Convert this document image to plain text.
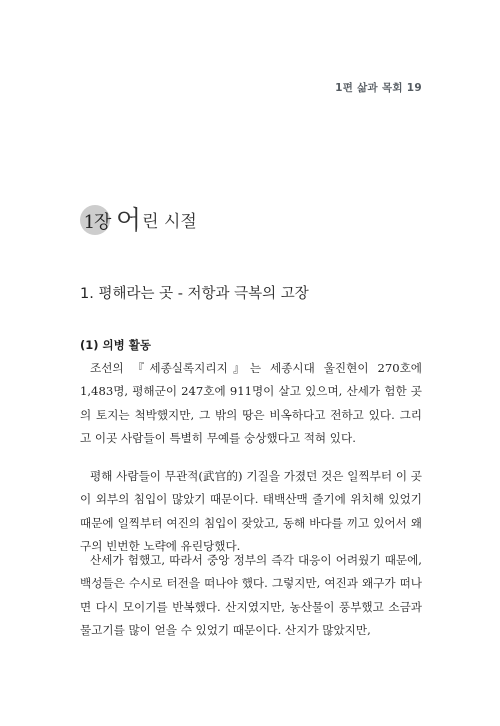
1편 삶과 목회 19
1장 어 린 시절
1. 평해라는 곳 - 저항과 극복의 고장
(1) 의병 활동

조선의 『세종실록지리지』는 세종시대 울진현이 270호에 1,483명, 평해군이 247호에 911명이 살고 있으며, 산세가 험한 곳의 토지는 척박했지만, 그 밖의 땅은 비옥하다고 전하고 있다. 그리고 이곳 사람들이 특별히 무예를 숭상했다고 적혀 있다.

평해 사람들이 무관적(武官的) 기질을 가졌던 것은 일찍부터 이 곳이 외부의 침입이 많았기 때문이다. 태백산맥 줄기에 위치해 있었기 때문에 일찍부터 여진의 침입이 잦았고, 동해 바다를 끼고 있어서 왜구의 빈번한 노략에 유린당했다.

산세가 험했고, 따라서 중앙 정부의 즉각 대응이 어려웠기 때문에, 백성들은 수시로 터전을 떠나야 했다. 그렇지만, 여진과 왜구가 떠나면 다시 모이기를 반복했다. 산지였지만, 농산물이 풍부했고 소금과 물고기를 많이 얻을 수 있었기 때문이다. 산지가 많았지만,
